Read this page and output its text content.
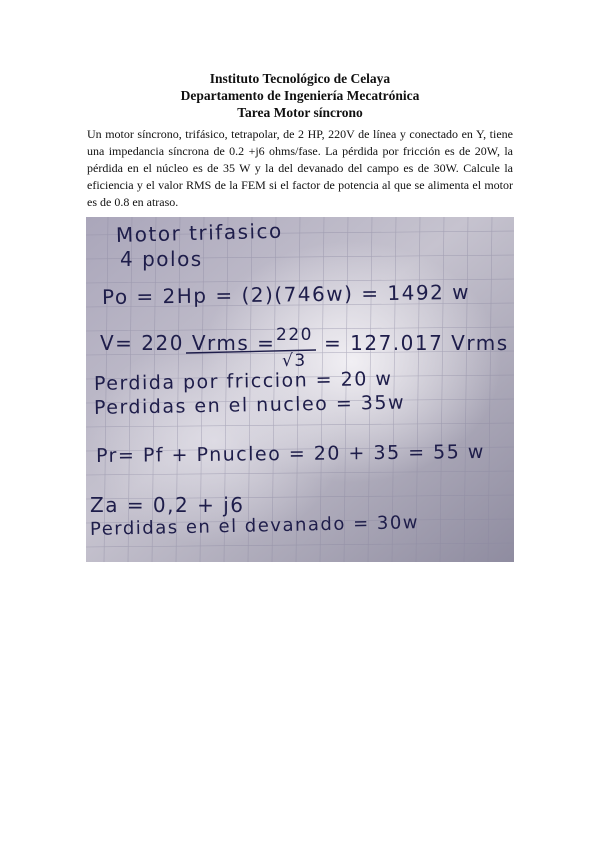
Instituto Tecnológico de Celaya
Departamento de Ingeniería Mecatrónica
Tarea Motor síncrono
Un motor síncrono, trifásico, tetrapolar, de 2 HP, 220V de línea y conectado en Y, tiene una impedancia síncrona de 0.2 +j6 ohms/fase. La pérdida por fricción es de 20W, la pérdida en el núcleo es de 35 W y la del devanado del campo es de 30W. Calcule la eficiencia y el valor RMS de la FEM si el factor de potencia al que se alimenta el motor es de 0.8 en atraso.
Motor trifasico
4 polos
Po = 2Hp = (2)(746w) = 1492 w
V= 220 Vrms = 220
√3
= 127.017 Vrms
Perdida por friccion = 20 w
Perdidas en el nucleo = 35w
Pr= Pf + Pnucleo = 20 + 35 = 55 w
Za = 0,2 + j6
Perdidas en el devanado = 30w
